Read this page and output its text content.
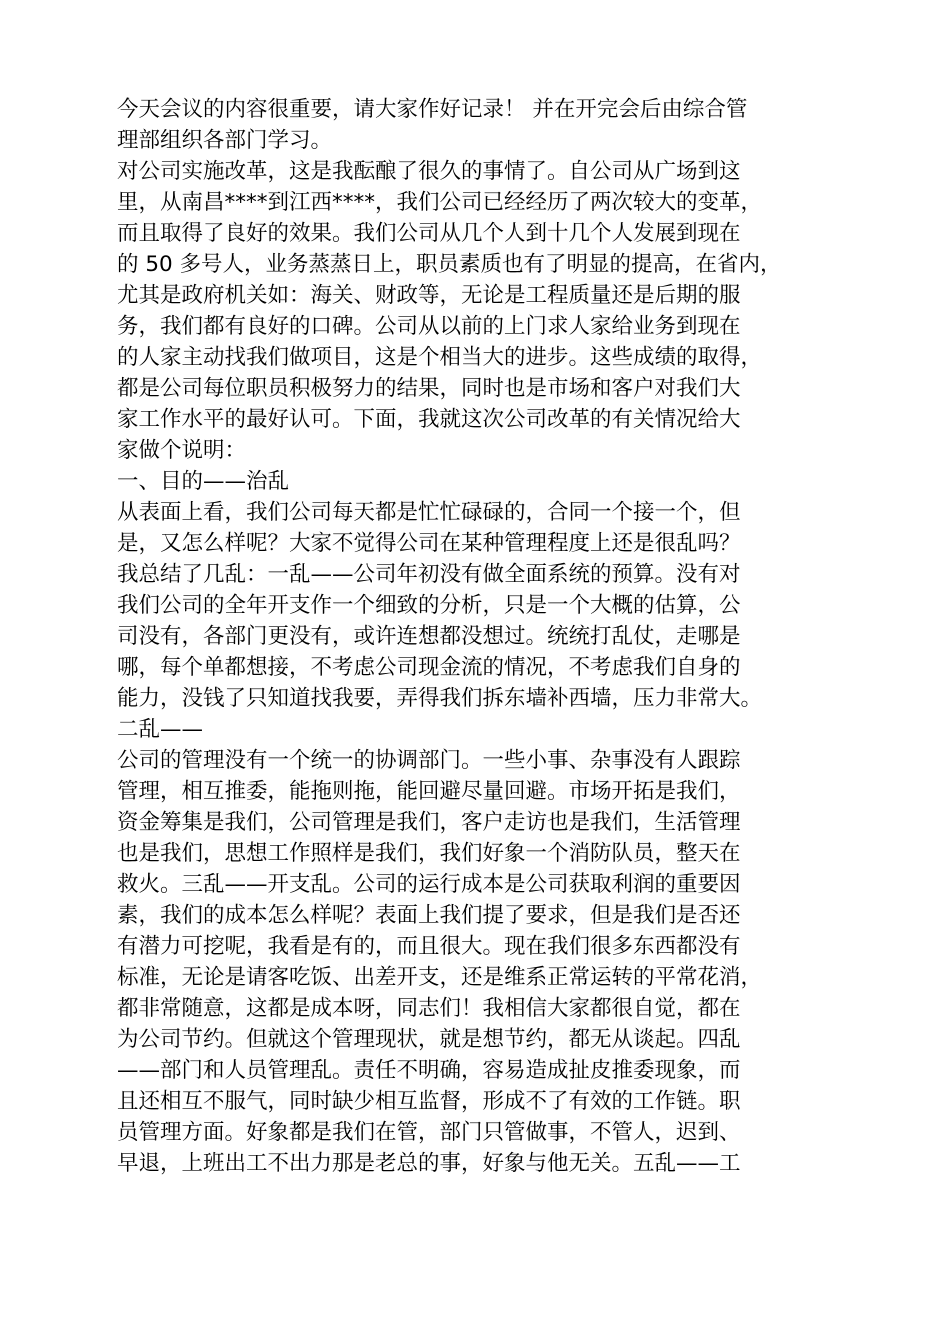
今天会议的内容很重要，请大家作好记录！ 并在开完会后由综合管
理部组织各部门学习。
对公司实施改革，这是我酝酿了很久的事情了。自公司从广场到这
里，从南昌****到江西****，我们公司已经经历了两次较大的变革，
而且取得了良好的效果。我们公司从几个人到十几个人发展到现在
的 50 多号人，业务蒸蒸日上，职员素质也有了明显的提高，在省内，
尤其是政府机关如：海关、财政等，无论是工程质量还是后期的服
务，我们都有良好的口碑。公司从以前的上门求人家给业务到现在
的人家主动找我们做项目，这是个相当大的进步。这些成绩的取得，
都是公司每位职员积极努力的结果，同时也是市场和客户对我们大
家工作水平的最好认可。下面，我就这次公司改革的有关情况给大
家做个说明：
一、目的——治乱
从表面上看，我们公司每天都是忙忙碌碌的，合同一个接一个，但
是，又怎么样呢？大家不觉得公司在某种管理程度上还是很乱吗？
我总结了几乱：一乱——公司年初没有做全面系统的预算。没有对
我们公司的全年开支作一个细致的分析，只是一个大概的估算，公
司没有，各部门更没有，或许连想都没想过。统统打乱仗，走哪是
哪，每个单都想接，不考虑公司现金流的情况，不考虑我们自身的
能力，没钱了只知道找我要，弄得我们拆东墙补西墙，压力非常大。
二乱——
公司的管理没有一个统一的协调部门。一些小事、杂事没有人跟踪
管理，相互推委，能拖则拖，能回避尽量回避。市场开拓是我们，
资金筹集是我们，公司管理是我们，客户走访也是我们，生活管理
也是我们，思想工作照样是我们，我们好象一个消防队员，整天在
救火。三乱——开支乱。公司的运行成本是公司获取利润的重要因
素，我们的成本怎么样呢？表面上我们提了要求，但是我们是否还
有潜力可挖呢，我看是有的，而且很大。现在我们很多东西都没有
标准，无论是请客吃饭、出差开支，还是维系正常运转的平常花消，
都非常随意，这都是成本呀，同志们！我相信大家都很自觉，都在
为公司节约。但就这个管理现状，就是想节约，都无从谈起。四乱
——部门和人员管理乱。责任不明确，容易造成扯皮推委现象，而
且还相互不服气，同时缺少相互监督，形成不了有效的工作链。职
员管理方面。好象都是我们在管，部门只管做事，不管人，迟到、
早退，上班出工不出力那是老总的事，好象与他无关。五乱——工
